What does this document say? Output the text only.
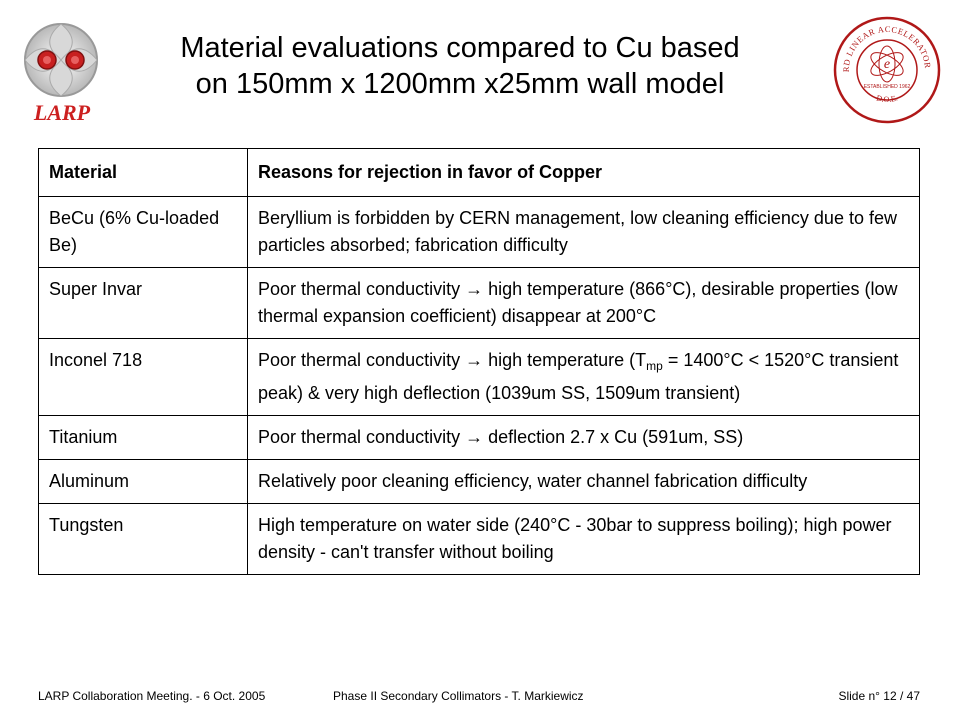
LARP
Material evaluations compared to Cu based
on 150mm x 1200mm x25mm wall model	RD LINEAR ACCELERATOR
D.O.E.
e
ESTABLISHED 1962
Material	Reasons for rejection in favor of Copper
BeCu (6% Cu-loaded Be)	Beryllium is forbidden by CERN management, low cleaning efficiency due to few particles absorbed; fabrication difficulty
Super Invar	Poor thermal conductivity → high temperature (866°C), desirable properties (low thermal expansion coefficient) disappear at 200°C
Inconel 718	Poor thermal conductivity → high temperature ($T_{mp} = 1400^\circ C < 1520^\circ C$ transient peak) & very high deflection (1039um SS, 1509um transient)
Titanium	Poor thermal conductivity → deflection 2.7 x Cu (591um, SS)
Aluminum	Relatively poor cleaning efficiency, water channel fabrication difficulty
Tungsten	High temperature on water side (240°C - 30bar to suppress boiling); high power density - can't transfer without boiling
LARP Collaboration Meeting. - 6 Oct. 2005	Phase II Secondary Collimators - T. Markiewicz	Slide n° 12 / 47
